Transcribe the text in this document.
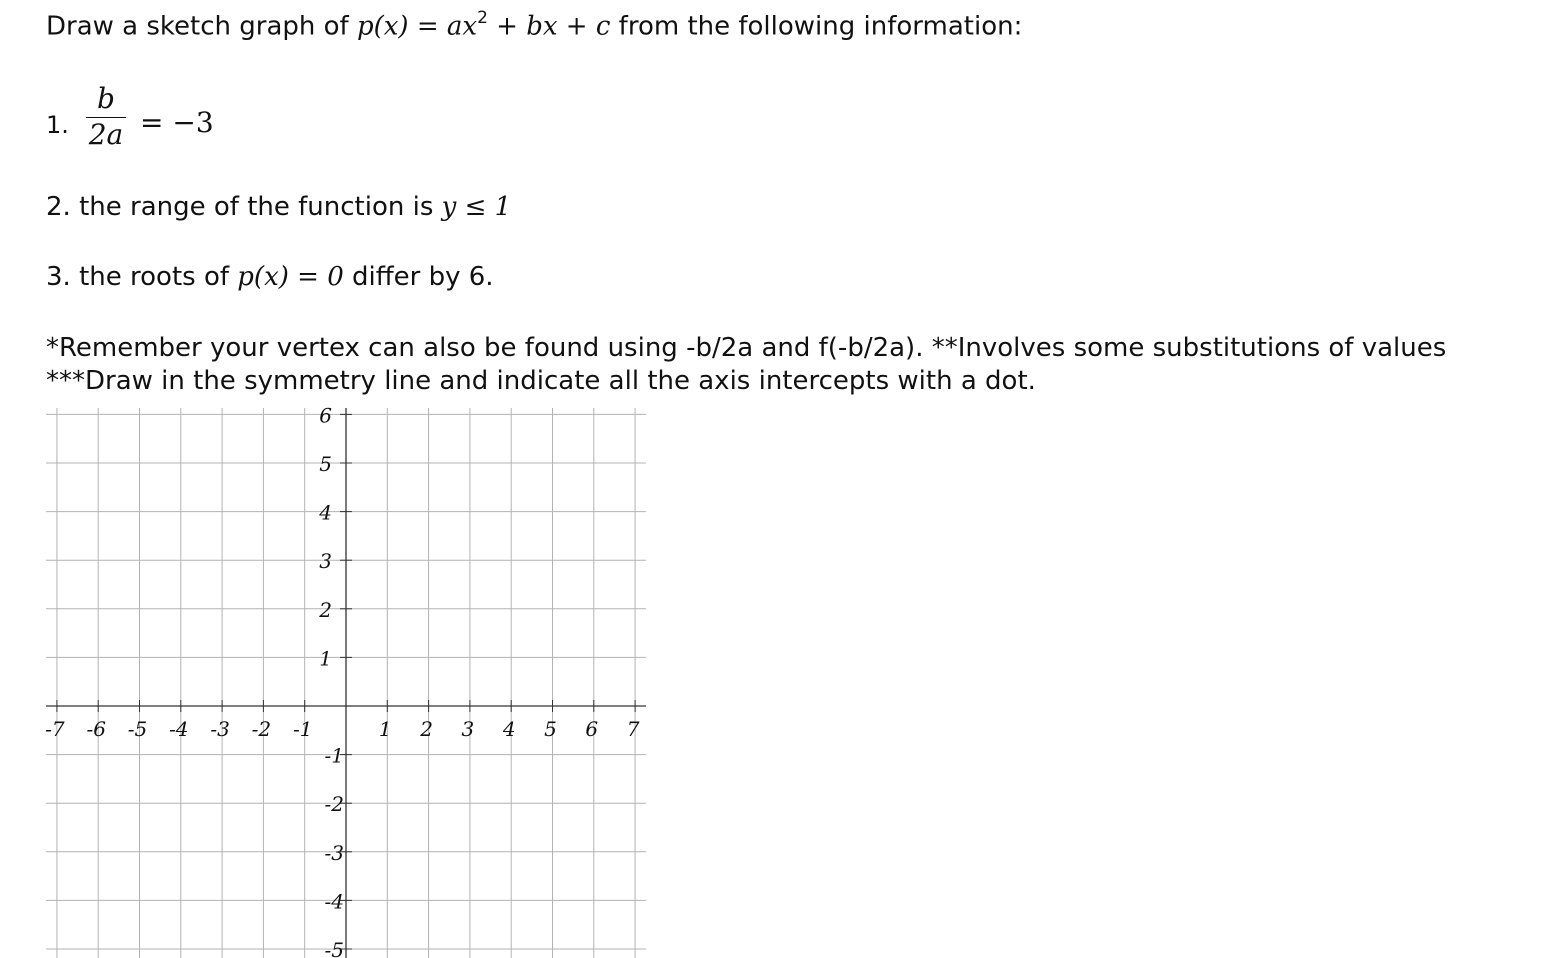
Draw a sketch graph of $p(x) = ax^2$ + bx + c from the following information:
1.
b
2a = −3
2. the range of the function is y ≤ 1
3. the roots of p(x) = 0 differ by 6.
*Remember your vertex can also be found using -b/2a and f(-b/2a). **Involves some substitutions of values
***Draw in the symmetry line and indicate all the axis intercepts with a dot.
-7 -6 -5 -4 -3 -2 -1	1 2 3 4 5 6 7
1
2
3
4
5
6
-1
-2
-3
-4
-5
